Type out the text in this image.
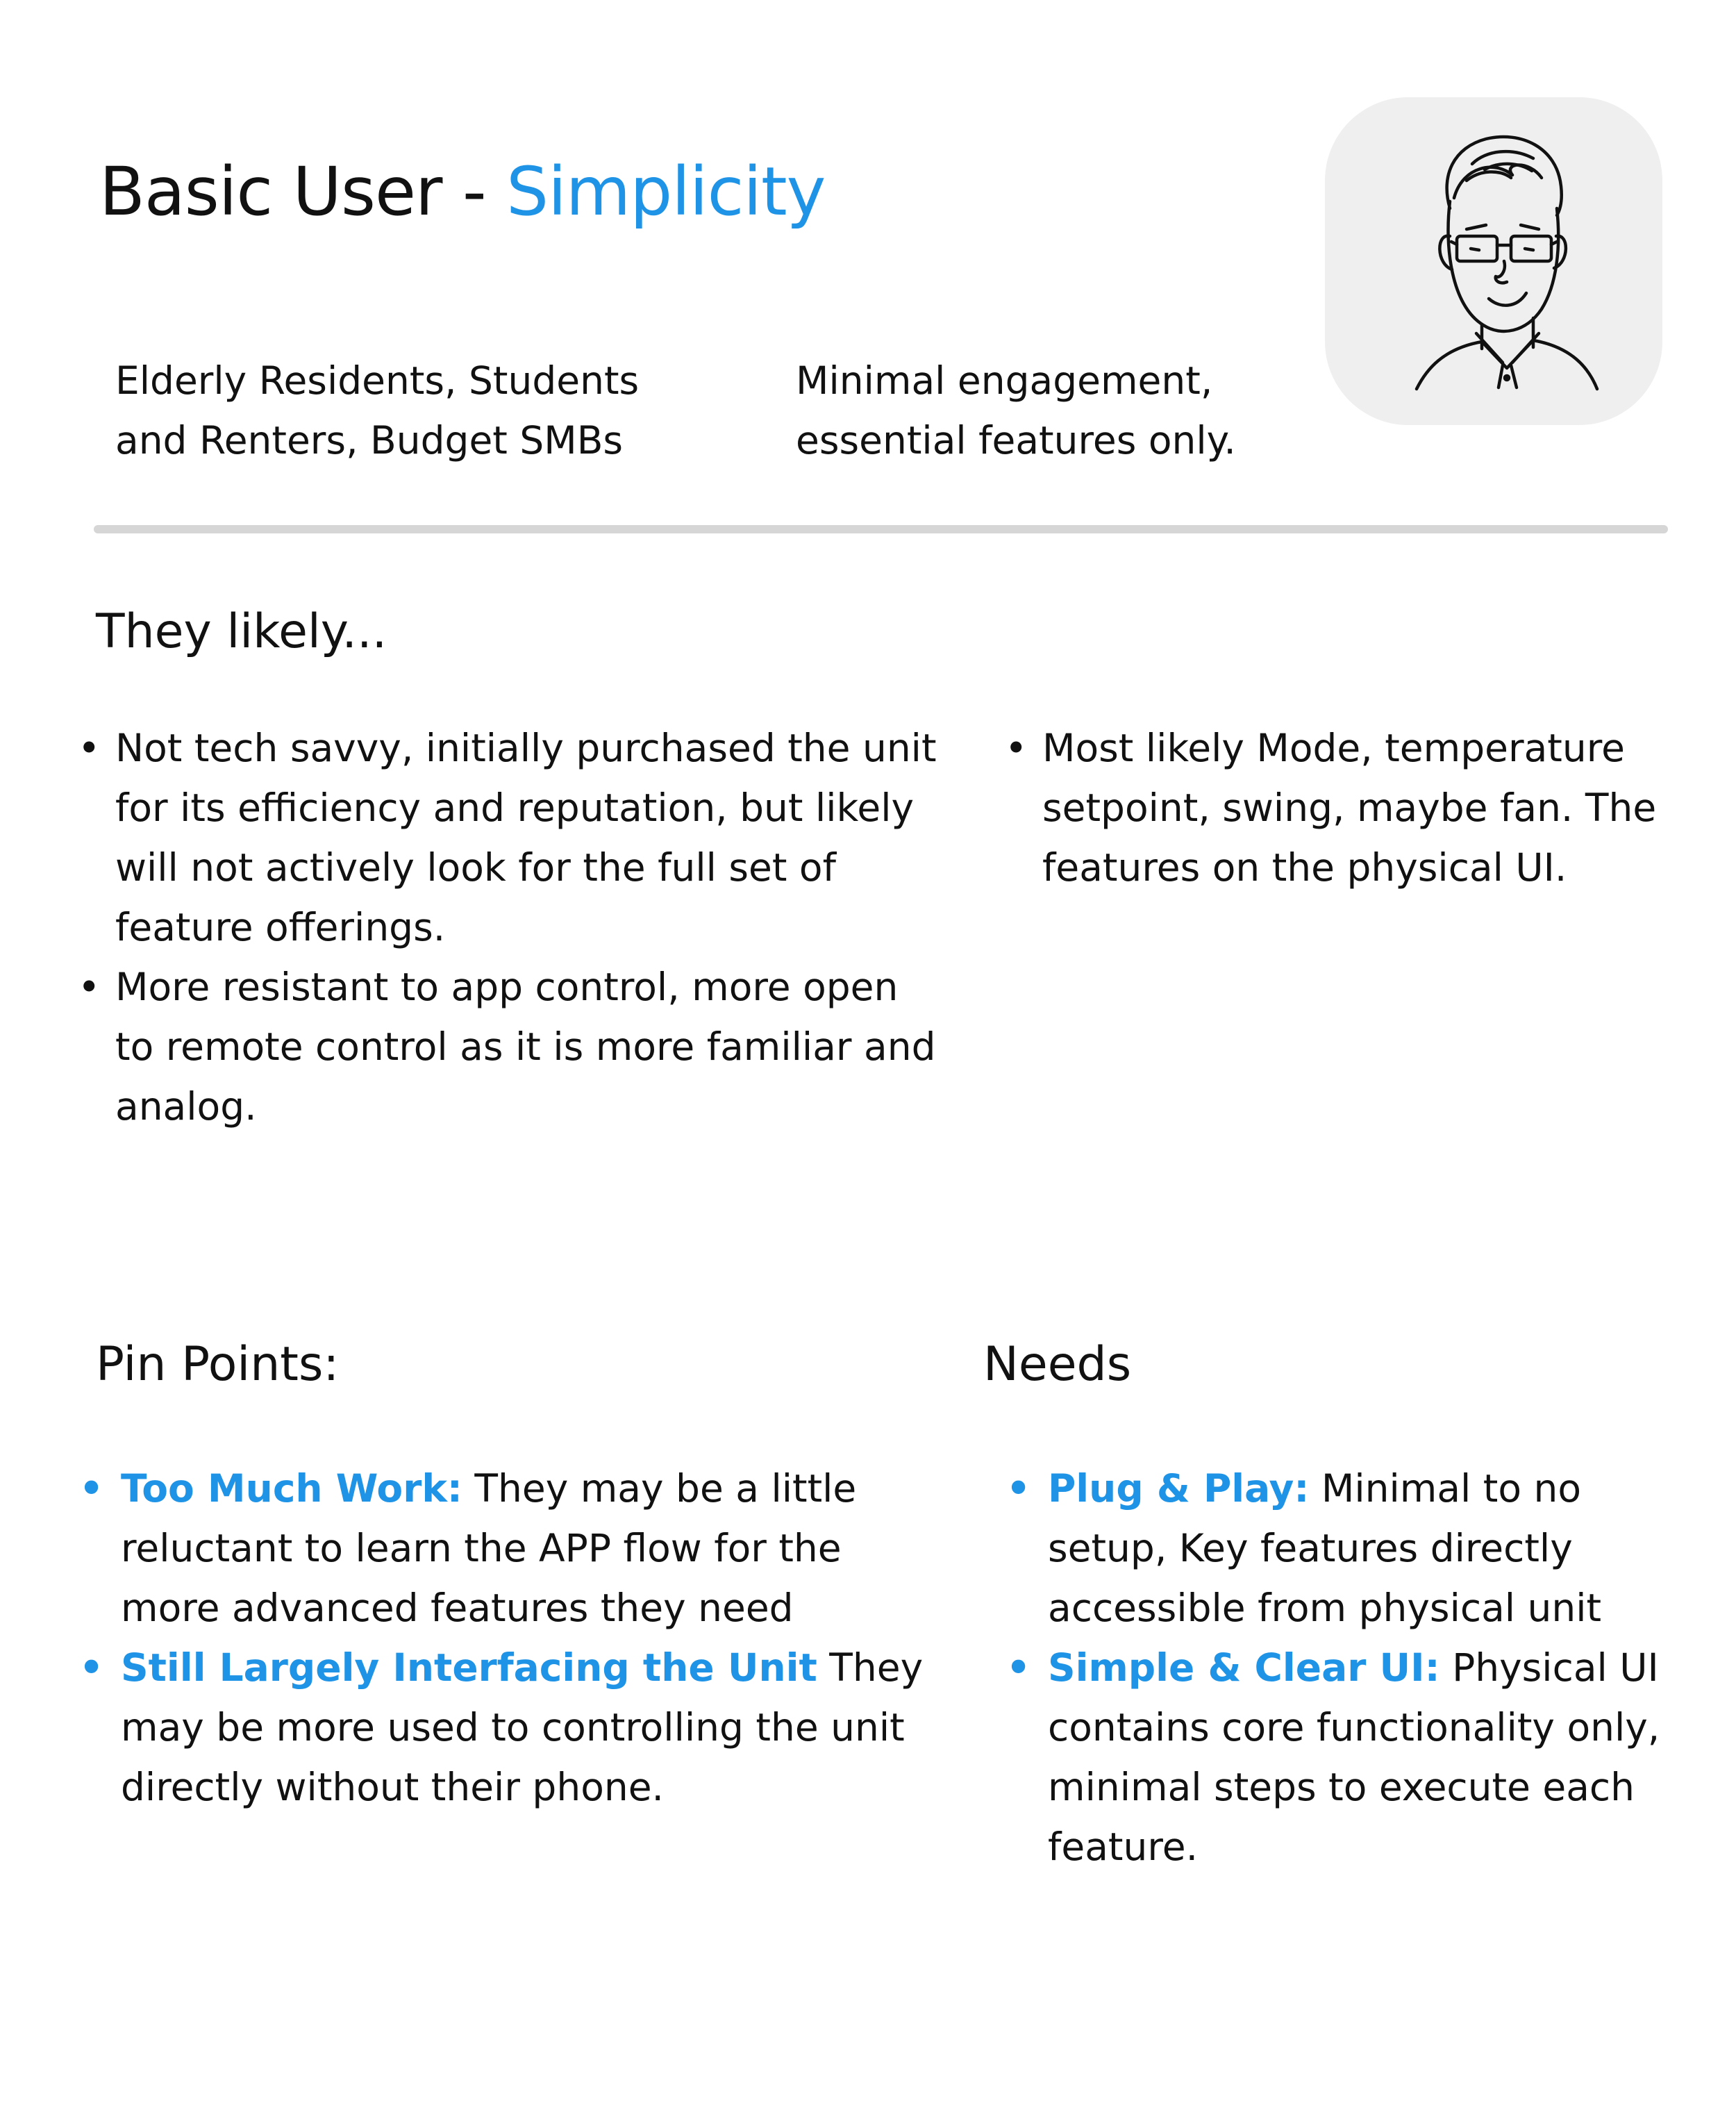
Basic User - Simplicity

Elderly Residents, Students
and Renters, Budget SMBs

Minimal engagement,
essential features only.

They likely...
• Not tech savvy, initially purchased the unit for its efficiency and reputation, but likely will not actively look for the full set of feature offerings.
• More resistant to app control, more open to remote control as it is more familiar and analog.
• Most likely Mode, temperature setpoint, swing, maybe fan. The features on the physical UI.
Pin Points:
• Too Much Work: They may be a little reluctant to learn the APP flow for the more advanced features they need
• Still Largely Interfacing the Unit They may be more used to controlling the unit directly without their phone.
Needs
• Plug & Play: Minimal to no setup, Key features directly accessible from physical unit
• Simple & Clear UI: Physical UI contains core functionality only, minimal steps to execute each feature.
